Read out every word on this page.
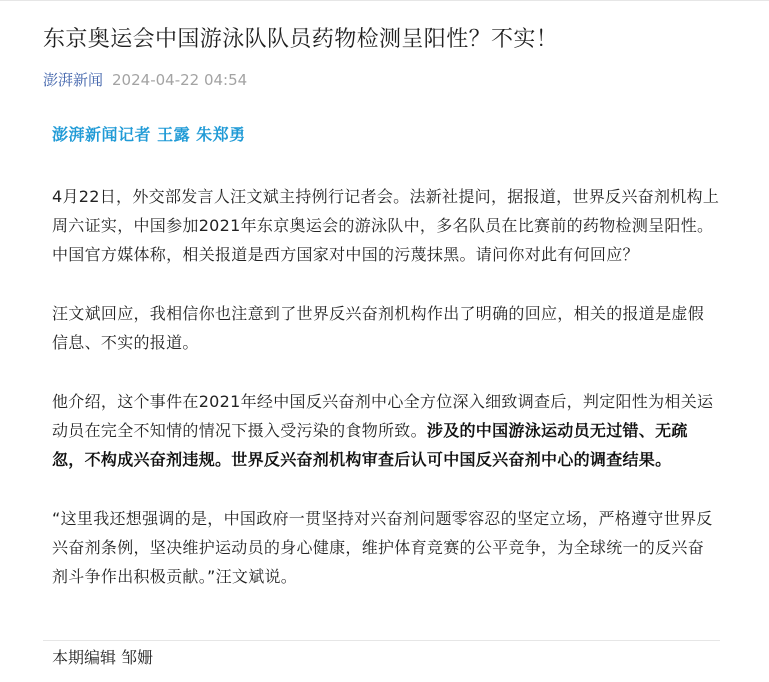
东京奥运会中国游泳队队员药物检测呈阳性？不实！
澎湃新闻 2024-04-22 04:54

澎湃新闻记者 王露 朱郑勇

4月22日，外交部发言人汪文斌主持例行记者会。法新社提问，据报道，世界反兴奋剂机构上周六证实，中国参加2021年东京奥运会的游泳队中，多名队员在比赛前的药物检测呈阳性。中国官方媒体称，相关报道是西方国家对中国的污蔑抹黑。请问你对此有何回应？

汪文斌回应，我相信你也注意到了世界反兴奋剂机构作出了明确的回应，相关的报道是虚假信息、不实的报道。

他介绍，这个事件在2021年经中国反兴奋剂中心全方位深入细致调查后，判定阳性为相关运动员在完全不知情的情况下摄入受污染的食物所致。涉及的中国游泳运动员无过错、无疏忽，不构成兴奋剂违规。世界反兴奋剂机构审查后认可中国反兴奋剂中心的调查结果。

“这里我还想强调的是，中国政府一贯坚持对兴奋剂问题零容忍的坚定立场，严格遵守世界反兴奋剂条例，坚决维护运动员的身心健康，维护体育竞赛的公平竞争，为全球统一的反兴奋剂斗争作出积极贡献。”汪文斌说。

本期编辑 邹姗
